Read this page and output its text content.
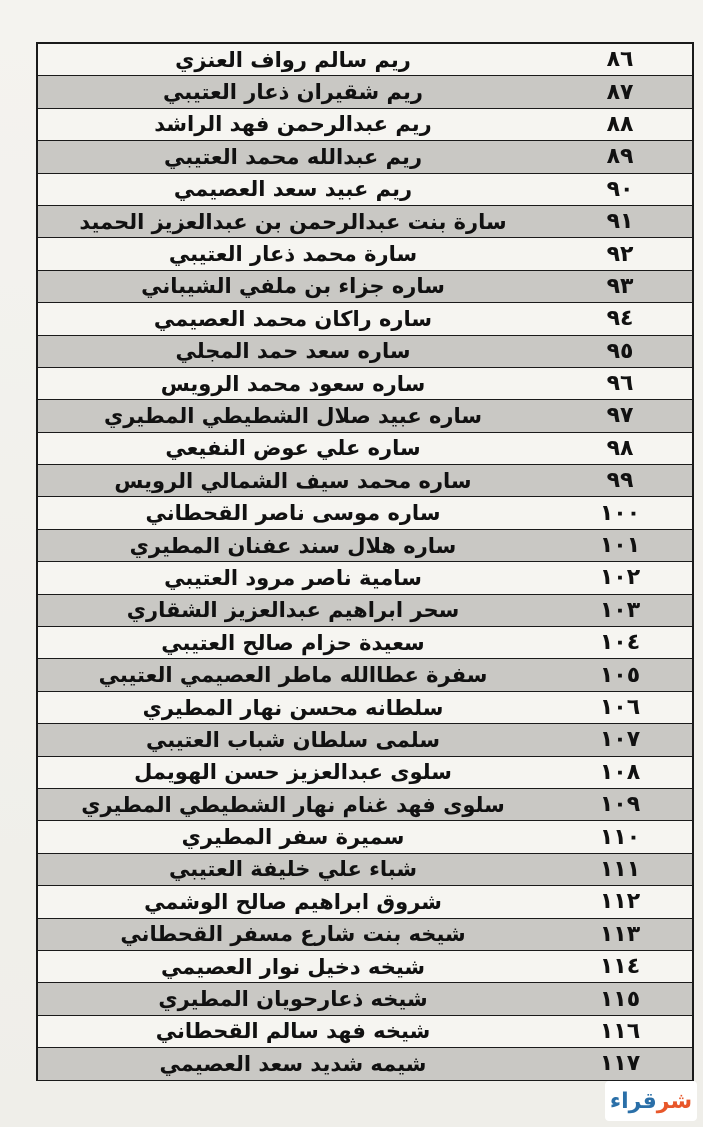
٨٦	ريم سالم رواف العنزي
٨٧	ريم شقيران ذعار العتيبي
٨٨	ريم عبدالرحمن فهد الراشد
٨٩	ريم عبدالله محمد العتيبي
٩٠	ريم عبيد سعد العصيمي
٩١	سارة بنت عبدالرحمن بن عبدالعزيز الحميد
٩٢	سارة محمد ذعار العتيبي
٩٣	ساره جزاء بن ملفي الشيباني
٩٤	ساره راكان محمد العصيمي
٩٥	ساره سعد حمد المجلي
٩٦	ساره سعود محمد الرويس
٩٧	ساره عبيد صلال الشطيطي المطيري
٩٨	ساره علي عوض النفيعي
٩٩	ساره محمد سيف الشمالي الرويس
١٠٠	ساره موسى ناصر القحطاني
١٠١	ساره هلال سند عفنان المطيري
١٠٢	سامية ناصر مرود العتيبي
١٠٣	سحر ابراهيم عبدالعزيز الشقاري
١٠٤	سعيدة حزام صالح العتيبي
١٠٥	سفرة عطاالله ماطر العصيمي العتيبي
١٠٦	سلطانه محسن نهار المطيري
١٠٧	سلمى سلطان شباب العتيبي
١٠٨	سلوى عبدالعزيز حسن الهويمل
١٠٩	سلوى فهد غنام نهار الشطيطي المطيري
١١٠	سميرة سفر المطيري
١١١	شباء علي خليفة العتيبي
١١٢	شروق ابراهيم صالح الوشمي
١١٣	شيخه بنت شارع مسفر القحطاني
١١٤	شيخه دخيل نوار العصيمي
١١٥	شيخه ذعارحويان المطيري
١١٦	شيخه فهد سالم القحطاني
١١٧	شيمه شديد سعد العصيمي
شر
قراء
